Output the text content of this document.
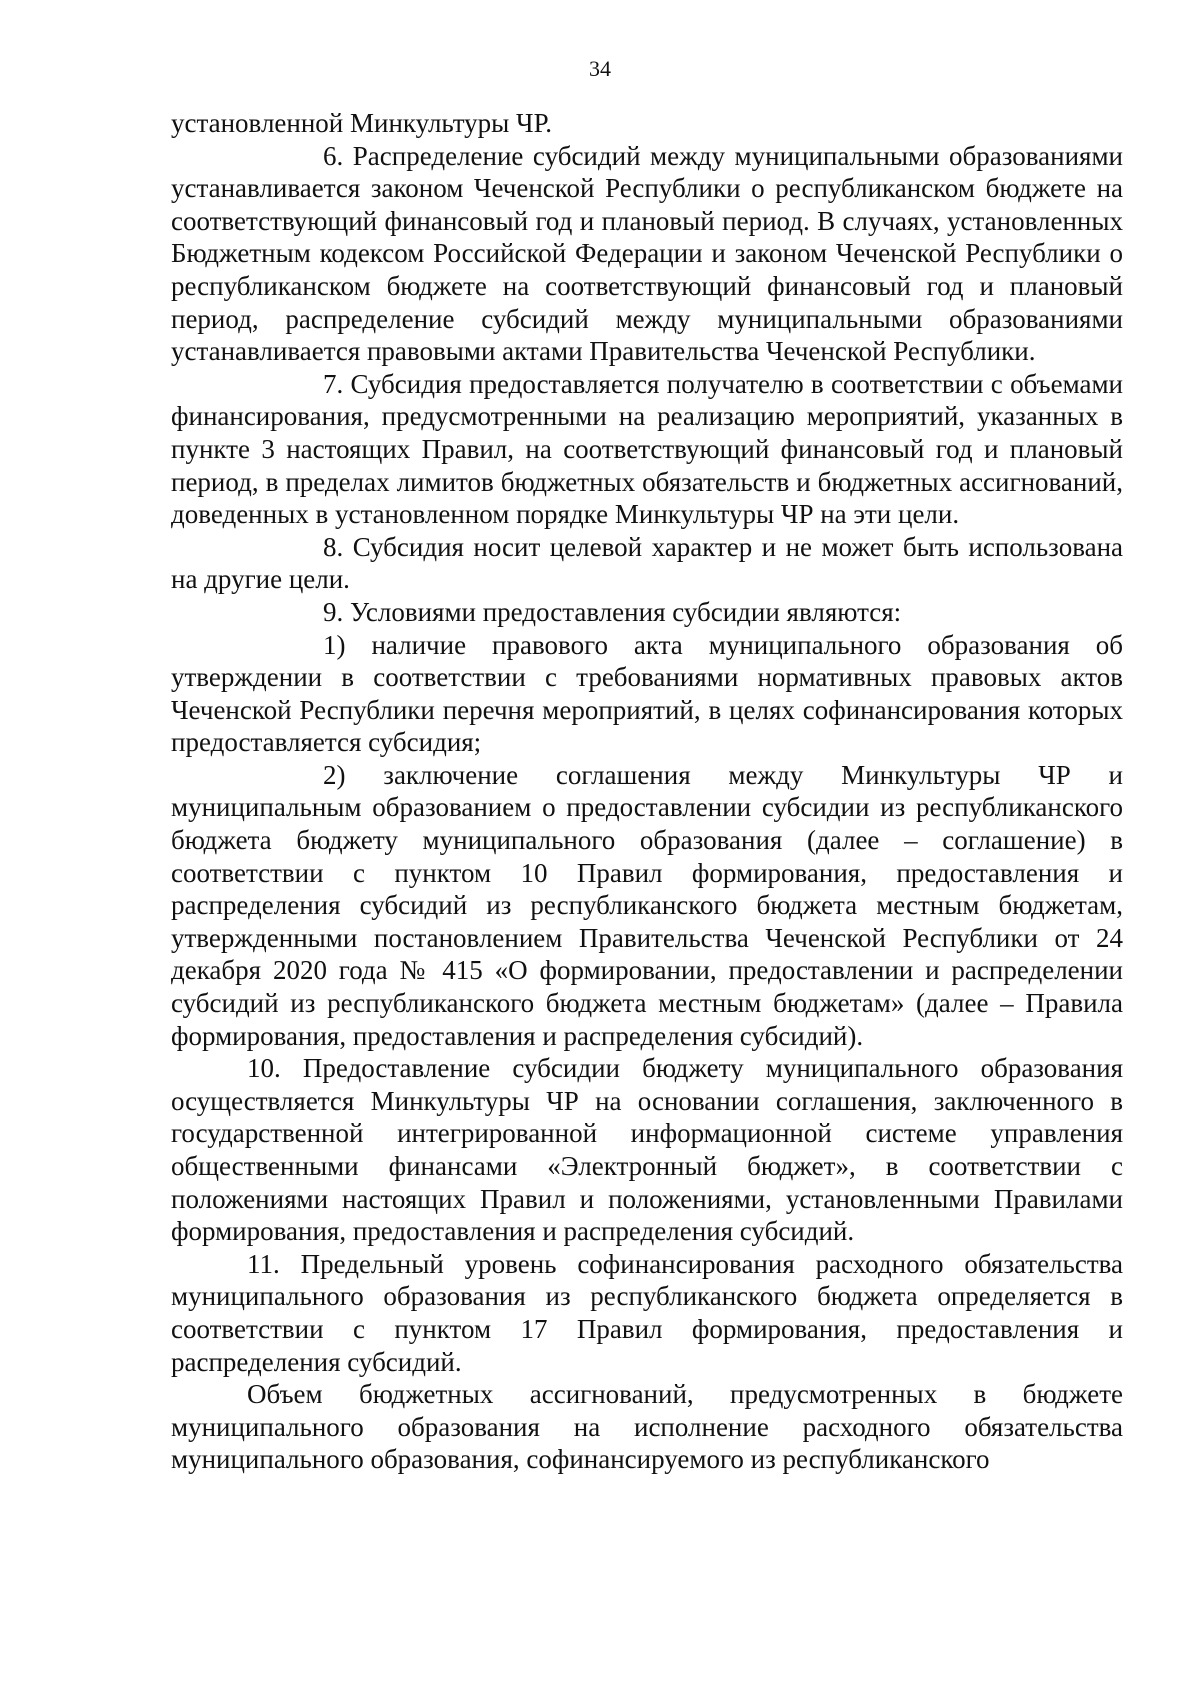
34

установленной Минкультуры ЧР.

6. Распределение субсидий между муниципальными образованиями устанавливается законом Чеченской Республики о республиканском бюджете на соответствующий финансовый год и плановый период. В случаях, установленных Бюджетным кодексом Российской Федерации и законом Чеченской Республики о республиканском бюджете на соответствующий финансовый год и плановый период, распределение субсидий между муниципальными образованиями устанавливается правовыми актами Правительства Чеченской Республики.

7. Субсидия предоставляется получателю в соответствии с объемами финансирования, предусмотренными на реализацию мероприятий, указанных в пункте 3 настоящих Правил, на соответствующий финансовый год и плановый период, в пределах лимитов бюджетных обязательств и бюджетных ассигнований, доведенных в установленном порядке Минкультуры ЧР на эти цели.

8. Субсидия носит целевой характер и не может быть использована на другие цели.

9. Условиями предоставления субсидии являются:

1) наличие правового акта муниципального образования об утверждении в соответствии с требованиями нормативных правовых актов Чеченской Республики перечня мероприятий, в целях софинансирования которых предоставляется субсидия;

2) заключение соглашения между Минкультуры ЧР и муниципальным образованием о предоставлении субсидии из республиканского бюджета бюджету муниципального образования (далее – соглашение) в соответствии с пунктом 10 Правил формирования, предоставления и распределения субсидий из республиканского бюджета местным бюджетам, утвержденными постановлением Правительства Чеченской Республики от 24 декабря 2020 года № 415 «О формировании, предоставлении и распределении субсидий из республиканского бюджета местным бюджетам» (далее – Правила формирования, предоставления и распределения субсидий).

10. Предоставление субсидии бюджету муниципального образования осуществляется Минкультуры ЧР на основании соглашения, заключенного в государственной интегрированной информационной системе управления общественными финансами «Электронный бюджет», в соответствии с положениями настоящих Правил и положениями, установленными Правилами формирования, предоставления и распределения субсидий.

11. Предельный уровень софинансирования расходного обязательства муниципального образования из республиканского бюджета определяется в соответствии с пунктом 17 Правил формирования, предоставления и распределения субсидий.

Объем бюджетных ассигнований, предусмотренных в бюджете муниципального образования на исполнение расходного обязательства муниципального образования, софинансируемого из республиканского
